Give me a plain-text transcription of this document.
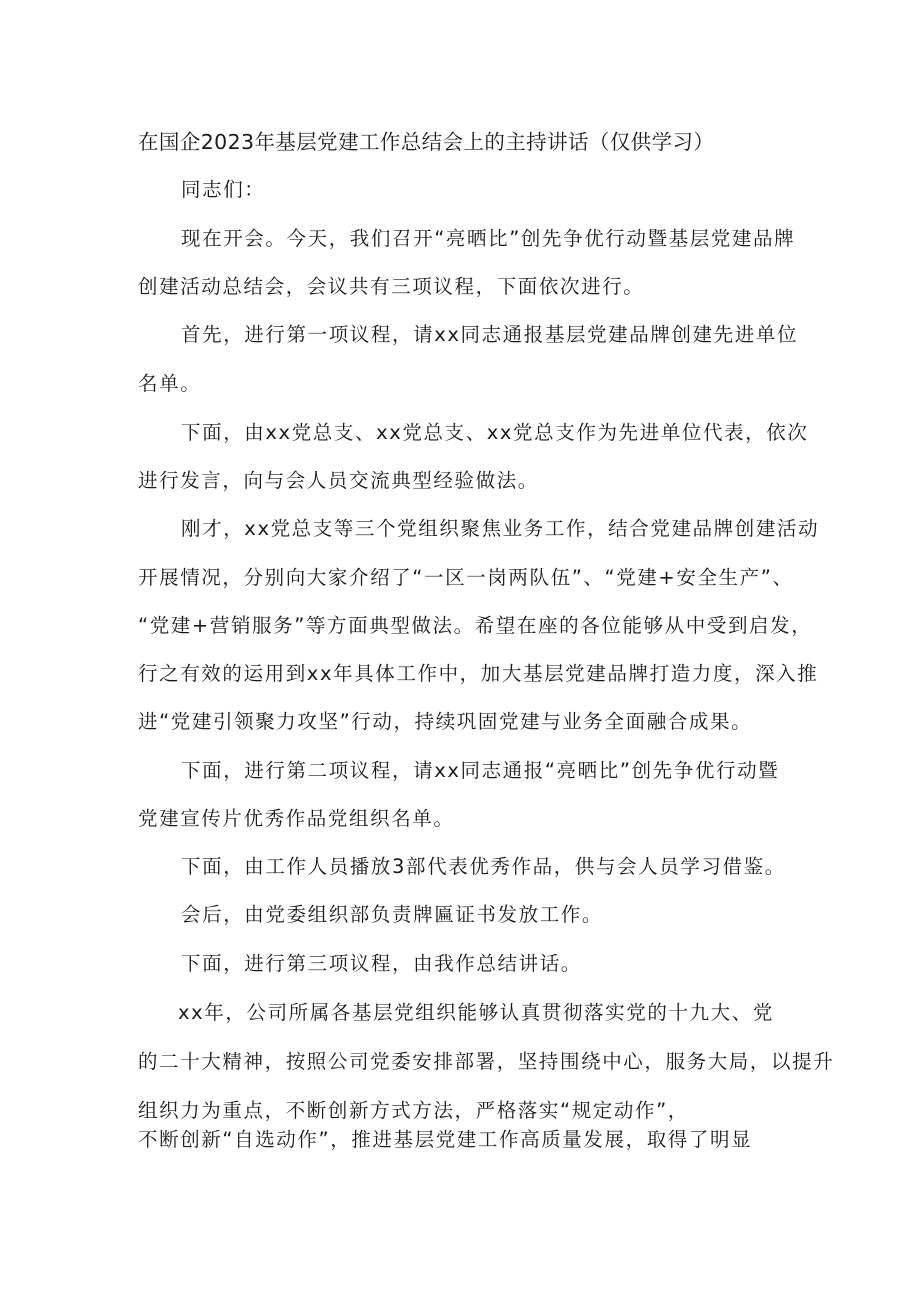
在国企2023年基层党建工作总结会上的主持讲话（仅供学习）
同志们：
现在开会。今天，我们召开“亮晒比”创先争优行动暨基层党建品牌
创建活动总结会，会议共有三项议程，下面依次进行。
首先，进行第一项议程，请xx同志通报基层党建品牌创建先进单位
名单。
下面，由xx党总支、xx党总支、xx党总支作为先进单位代表，依次
进行发言，向与会人员交流典型经验做法。
刚才，xx党总支等三个党组织聚焦业务工作，结合党建品牌创建活动
开展情况，分别向大家介绍了“一区一岗两队伍”、“党建+安全生产”、
“党建+营销服务”等方面典型做法。希望在座的各位能够从中受到启发，
行之有效的运用到xx年具体工作中，加大基层党建品牌打造力度，深入推
进“党建引领聚力攻坚”行动，持续巩固党建与业务全面融合成果。
下面，进行第二项议程，请xx同志通报“亮晒比”创先争优行动暨
党建宣传片优秀作品党组织名单。
下面，由工作人员播放3部代表优秀作品，供与会人员学习借鉴。
会后，由党委组织部负责牌匾证书发放工作。
下面，进行第三项议程，由我作总结讲话。
xx年，公司所属各基层党组织能够认真贯彻落实党的十九大、党
的二十大精神，按照公司党委安排部署，坚持围绕中心，服务大局，以提升
组织力为重点，不断创新方式方法，严格落实“规定动作”，
不断创新“自选动作”，推进基层党建工作高质量发展，取得了明显
